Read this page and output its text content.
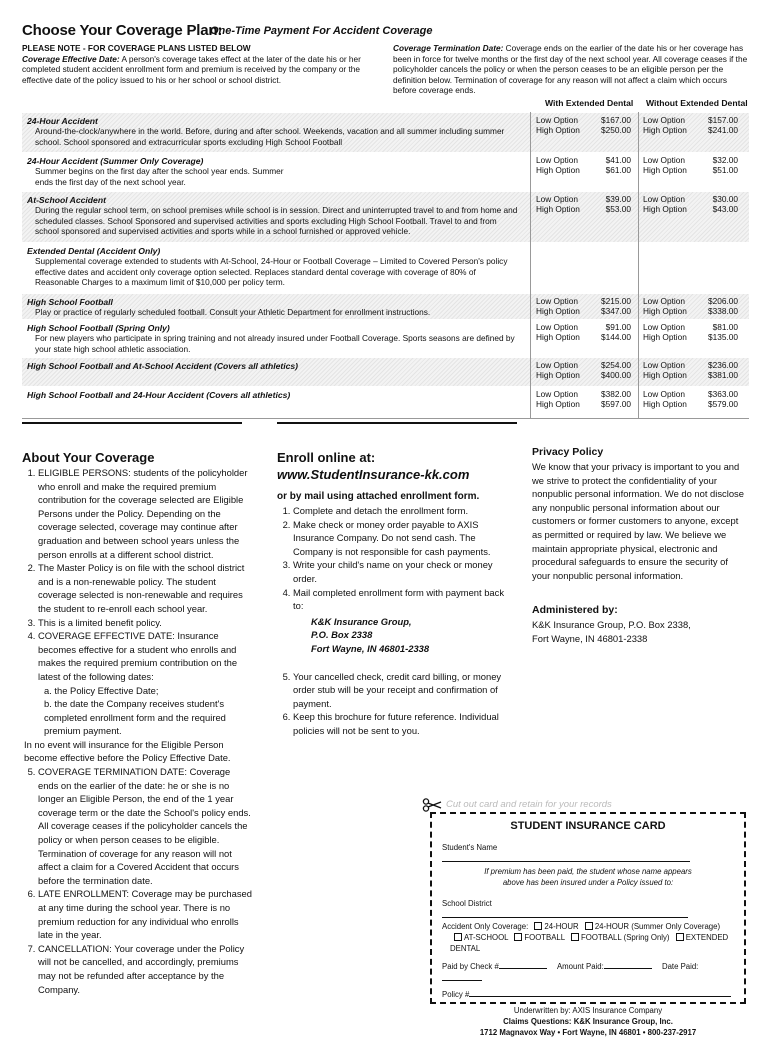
Choose Your Coverage Plan:
One-Time Payment For Accident Coverage
PLEASE NOTE - FOR COVERAGE PLANS LISTED BELOW
Coverage Effective Date: A person's coverage takes effect at the later of the date his or her completed student accident enrollment form and premium is received by the company or the effective date of the policy issued to his or her school or school district.
Coverage Termination Date: Coverage ends on the earlier of the date his or her coverage has been in force for twelve months or the first day of the next school year. All coverage ceases if the policyholder cancels the policy or when the person ceases to be an eligible person per the definition below. Termination of coverage for any reason will not affect a claim which occurs before coverage ends.
With Extended Dental Without Extended Dental
24-Hour Accident
Around-the-clock/anywhere in the world. Before, during and after school. Weekends, vacation and all summer including summer school. School sponsored and extracurricular sports excluding High School Football
Low Option	$167.00
High Option	$250.00
Low Option	$157.00
High Option	$241.00
24-Hour Accident (Summer Only Coverage)
Summer begins on the first day after the school year ends. Summer ends the first day of the next school year.
Low Option	$41.00
High Option	$61.00
Low Option	$32.00
High Option	$51.00
At-School Accident
During the regular school term, on school premises while school is in session. Direct and uninterrupted travel to and from home and scheduled classes. School Sponsored and supervised activities and sports excluding High School Football. Travel to and from school sponsored and supervised activities and sports while in a school furnished or approved vehicle.
Low Option	$39.00
High Option	$53.00
Low Option	$30.00
High Option	$43.00
Extended Dental (Accident Only)
Supplemental coverage extended to students with At-School, 24-Hour or Football Coverage – Limited to Covered Person's policy effective dates and accident only coverage option selected. Replaces standard dental coverage with coverage of 80% of Reasonable Charges to a maximum limit of $10,000 per policy term.
High School Football
Play or practice of regularly scheduled football. Consult your Athletic Department for enrollment instructions.
Low Option	$215.00
High Option	$347.00
Low Option	$206.00
High Option	$338.00
High School Football (Spring Only)
For new players who participate in spring training and not already insured under Football Coverage. Sports seasons are defined by your state high school athletic association.
Low Option	$91.00
High Option	$144.00
Low Option	$81.00
High Option	$135.00
High School Football and At-School Accident (Covers all athletics)	Low Option	$254.00
High Option	$400.00
Low Option	$236.00
High Option	$381.00
High School Football and 24-Hour Accident (Covers all athletics)	Low Option	$382.00
High Option	$597.00
Low Option	$363.00
High Option	$579.00
About Your Coverage
1. ELIGIBLE PERSONS: students of the policyholder who enroll and make the required premium contribution for the coverage selected are Eligible Persons under the Policy. Depending on the coverage selected, coverage may continue after graduation and between school years unless the person enrolls at a different school district.
2. The Master Policy is on file with the school district and is a non-renewable policy. The student coverage selected is non-renewable and requires the student to re-enroll each school year.
3. This is a limited benefit policy.
4. COVERAGE EFFECTIVE DATE: Insurance becomes effective for a student who enrolls and makes the required premium contribution on the latest of the following dates:
a. the Policy Effective Date;
b. the date the Company receives student's completed enrollment form and the required premium payment.
In no event will insurance for the Eligible Person become effective before the Policy Effective Date.
5. COVERAGE TERMINATION DATE: Coverage ends on the earlier of the date: he or she is no longer an Eligible Person, the end of the 1 year coverage term or the date the School's policy ends. All coverage ceases if the policyholder cancels the policy or when person ceases to be eligible. Termination of coverage for any reason will not affect a claim for a Covered Accident that occurs before the termination date.
6. LATE ENROLLMENT: Coverage may be purchased at any time during the school year. There is no premium reduction for any individual who enrolls late in the year.
7. CANCELLATION: Your coverage under the Policy will not be cancelled, and accordingly, premiums may not be refunded after acceptance by the Company.
Enroll online at:
www.StudentInsurance-kk.com
or by mail using attached enrollment form.
1. Complete and detach the enrollment form.
2. Make check or money order payable to AXIS Insurance Company. Do not send cash. The Company is not responsible for cash payments.
3. Write your child's name on your check or money order.
4. Mail completed enrollment form with payment back to:
K&K Insurance Group,
P.O. Box 2338
Fort Wayne, IN 46801-2338
5. Your cancelled check, credit card billing, or money order stub will be your receipt and confirmation of payment.
6. Keep this brochure for future reference. Individual policies will not be sent to you.
Privacy Policy
We know that your privacy is important to you and we strive to protect the confidentiality of your nonpublic personal information. We do not disclose any nonpublic personal information about our customers or former customers to anyone, except as permitted or required by law. We believe we maintain appropriate physical, electronic and procedural safeguards to ensure the security of your nonpublic personal information.
Administered by:
K&K Insurance Group, P.O. Box 2338,
Fort Wayne, IN 46801-2338
Cut out card and retain for your records
STUDENT INSURANCE CARD
Student's Name
If premium has been paid, the student whose name appears
above has been insured under a Policy issued to:
School District
Accident Only Coverage: 24-HOUR 24-HOUR (Summer Only Coverage)
AT-SCHOOL FOOTBALL FOOTBALL (Spring Only) EXTENDED DENTAL
Paid by Check #	Amount Paid:	Date Paid:
Policy #
Underwritten by: AXIS Insurance Company
Claims Questions: K&K Insurance Group, Inc.
1712 Magnavox Way • Fort Wayne, IN 46801 • 800-237-2917
